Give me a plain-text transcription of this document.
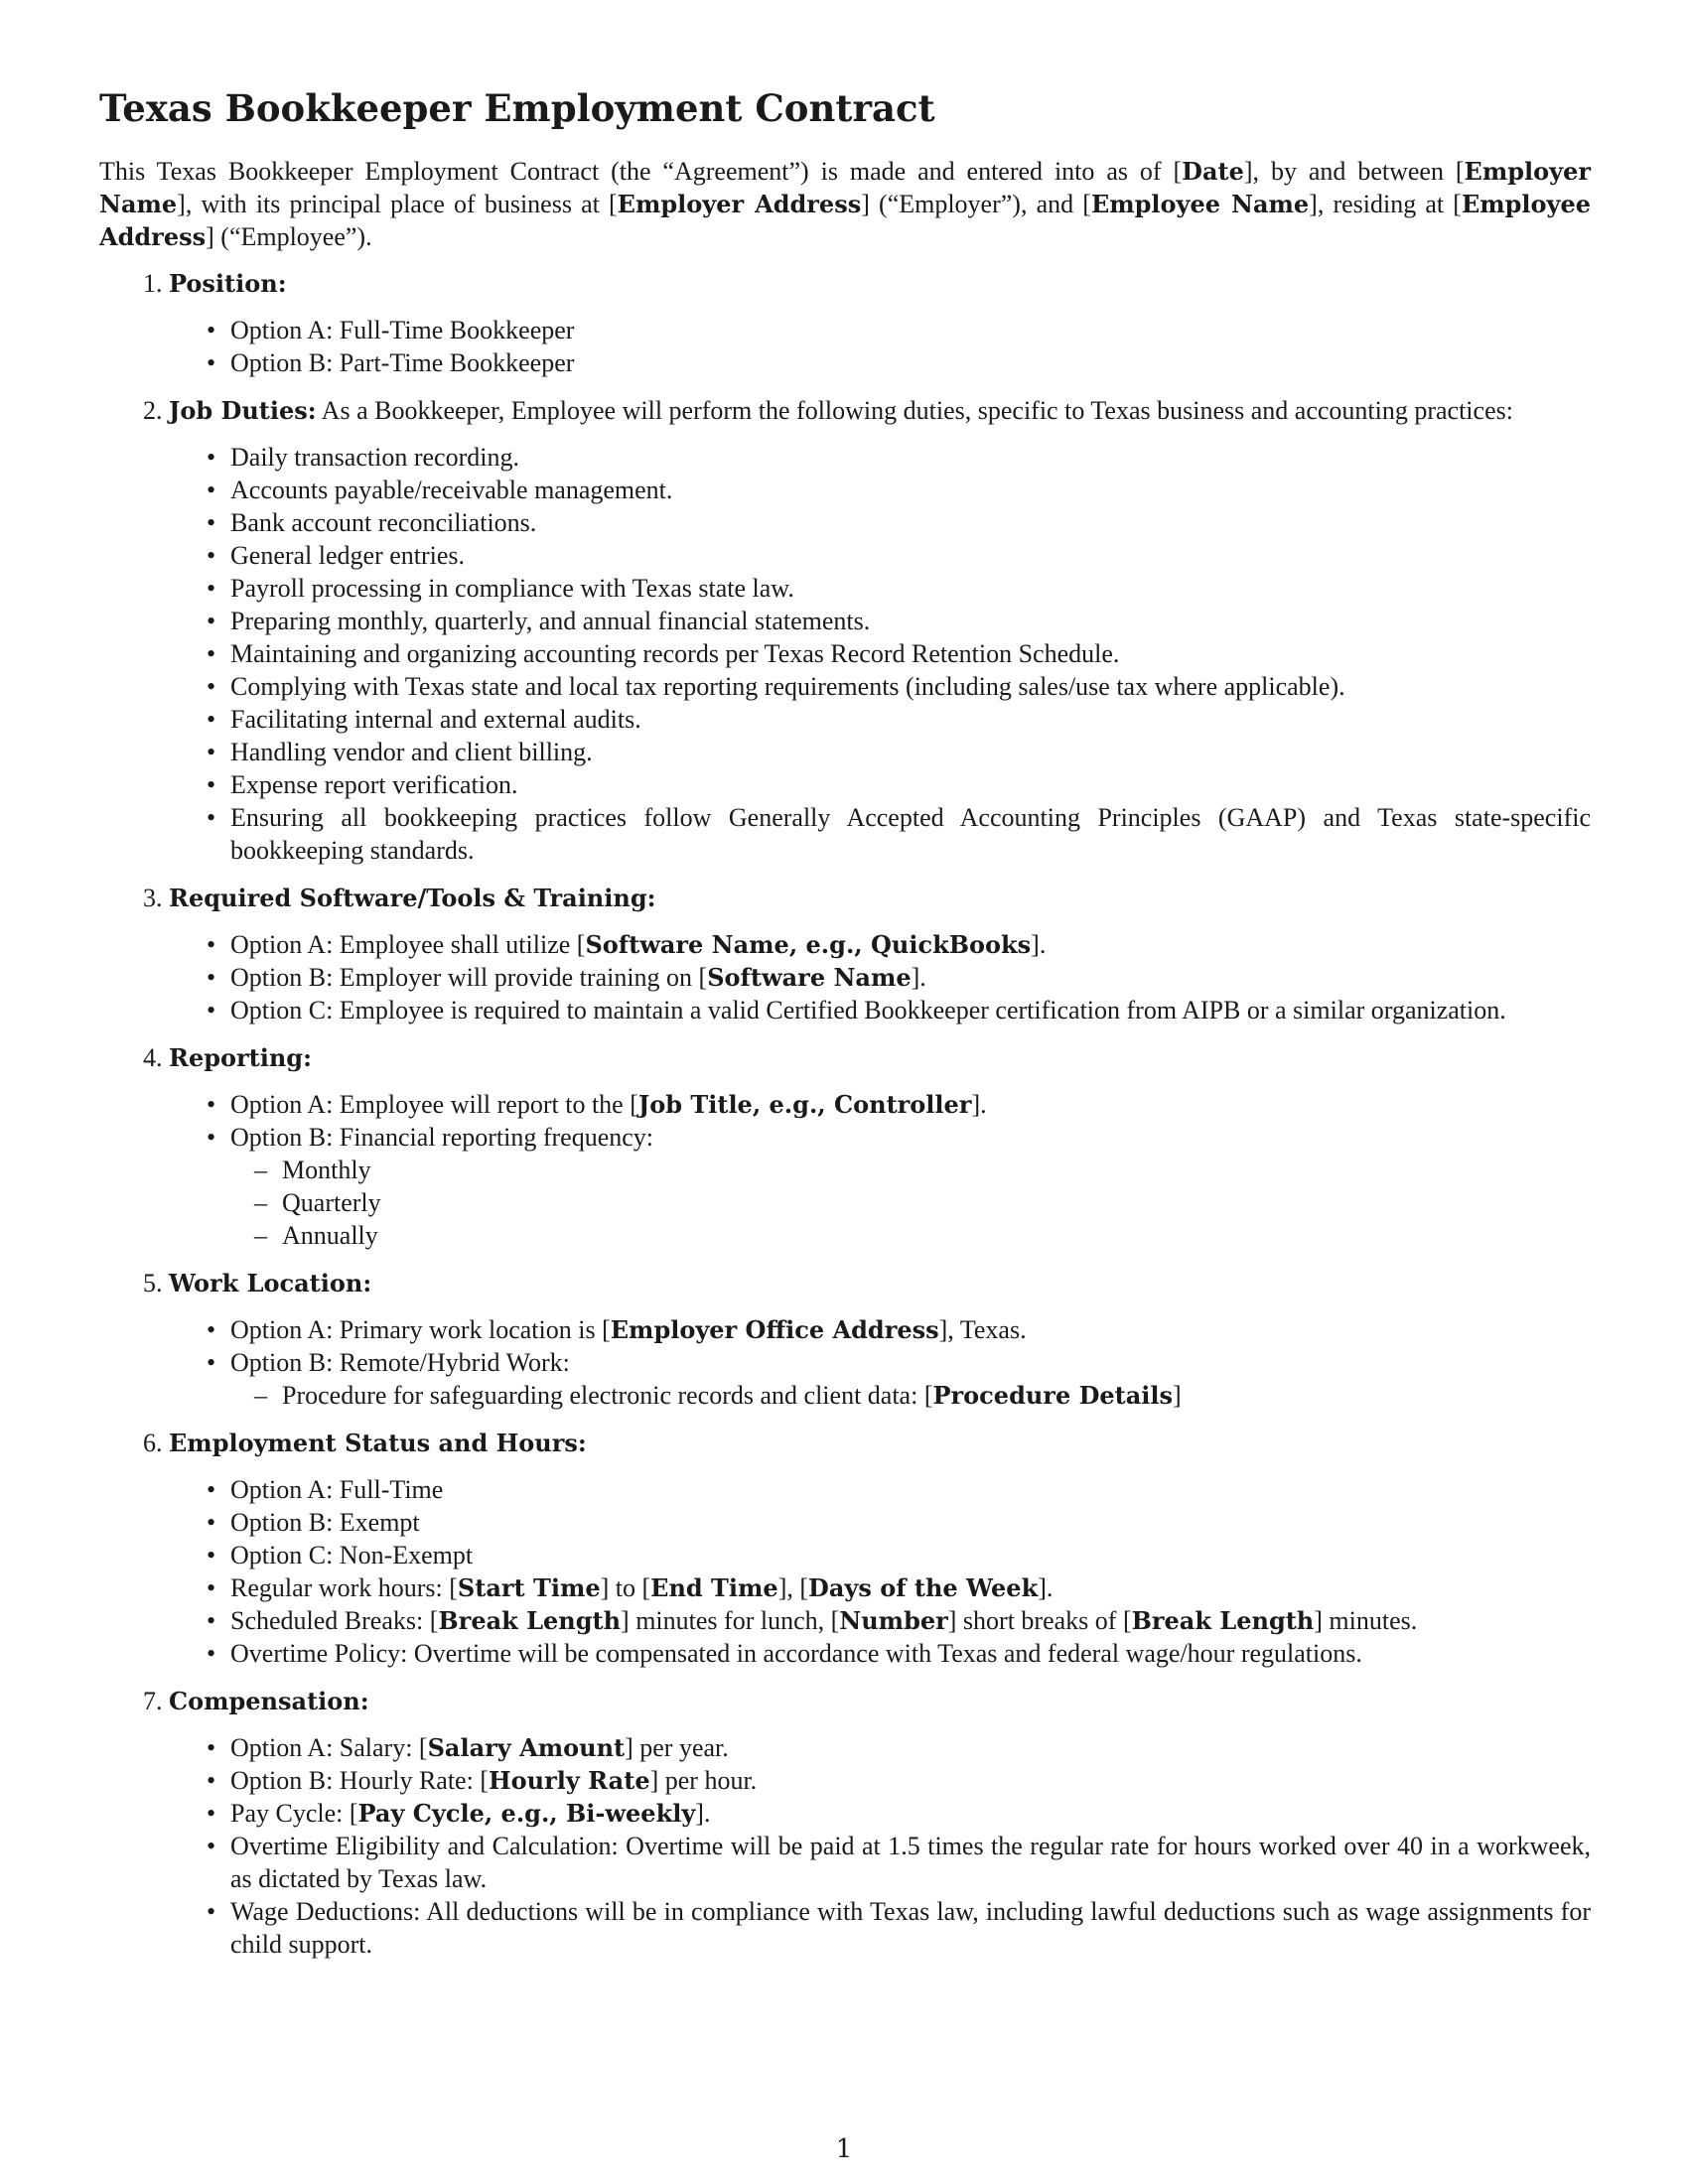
Texas Bookkeeper Employment Contract

This Texas Bookkeeper Employment Contract (the “Agreement”) is made and entered into as of [Date], by and between [Employer Name], with its principal place of business at [Employer Address] (“Employer”), and [Employee Name], residing at [Employee Address] (“Employee”).

1. Position:
• Option A: Full-Time Bookkeeper
• Option B: Part-Time Bookkeeper
2. Job Duties: As a Bookkeeper, Employee will perform the following duties, specific to Texas business and accounting practices:
• Daily transaction recording.
• Accounts payable/receivable management.
• Bank account reconciliations.
• General ledger entries.
• Payroll processing in compliance with Texas state law.
• Preparing monthly, quarterly, and annual financial statements.
• Maintaining and organizing accounting records per Texas Record Retention Schedule.
• Complying with Texas state and local tax reporting requirements (including sales/use tax where applicable).
• Facilitating internal and external audits.
• Handling vendor and client billing.
• Expense report verification.
• Ensuring all bookkeeping practices follow Generally Accepted Accounting Principles (GAAP) and Texas state-specific bookkeeping standards.
3. Required Software/Tools & Training:
• Option A: Employee shall utilize [Software Name, e.g., QuickBooks].
• Option B: Employer will provide training on [Software Name].
• Option C: Employee is required to maintain a valid Certified Bookkeeper certification from AIPB or a similar organization.
4. Reporting:
• Option A: Employee will report to the [Job Title, e.g., Controller].
• Option B: Financial reporting frequency:
– Monthly
– Quarterly
– Annually
5. Work Location:
• Option A: Primary work location is [Employer Office Address], Texas.
• Option B: Remote/Hybrid Work:
– Procedure for safeguarding electronic records and client data: [Procedure Details]
6. Employment Status and Hours:
• Option A: Full-Time
• Option B: Exempt
• Option C: Non-Exempt
• Regular work hours: [Start Time] to [End Time], [Days of the Week].
• Scheduled Breaks: [Break Length] minutes for lunch, [Number] short breaks of [Break Length] minutes.
• Overtime Policy: Overtime will be compensated in accordance with Texas and federal wage/hour regulations.
7. Compensation:
• Option A: Salary: [Salary Amount] per year.
• Option B: Hourly Rate: [Hourly Rate] per hour.
• Pay Cycle: [Pay Cycle, e.g., Bi-weekly].
• Overtime Eligibility and Calculation: Overtime will be paid at 1.5 times the regular rate for hours worked over 40 in a workweek, as dictated by Texas law.
• Wage Deductions: All deductions will be in compliance with Texas law, including lawful deductions such as wage assignments for child support.
1
